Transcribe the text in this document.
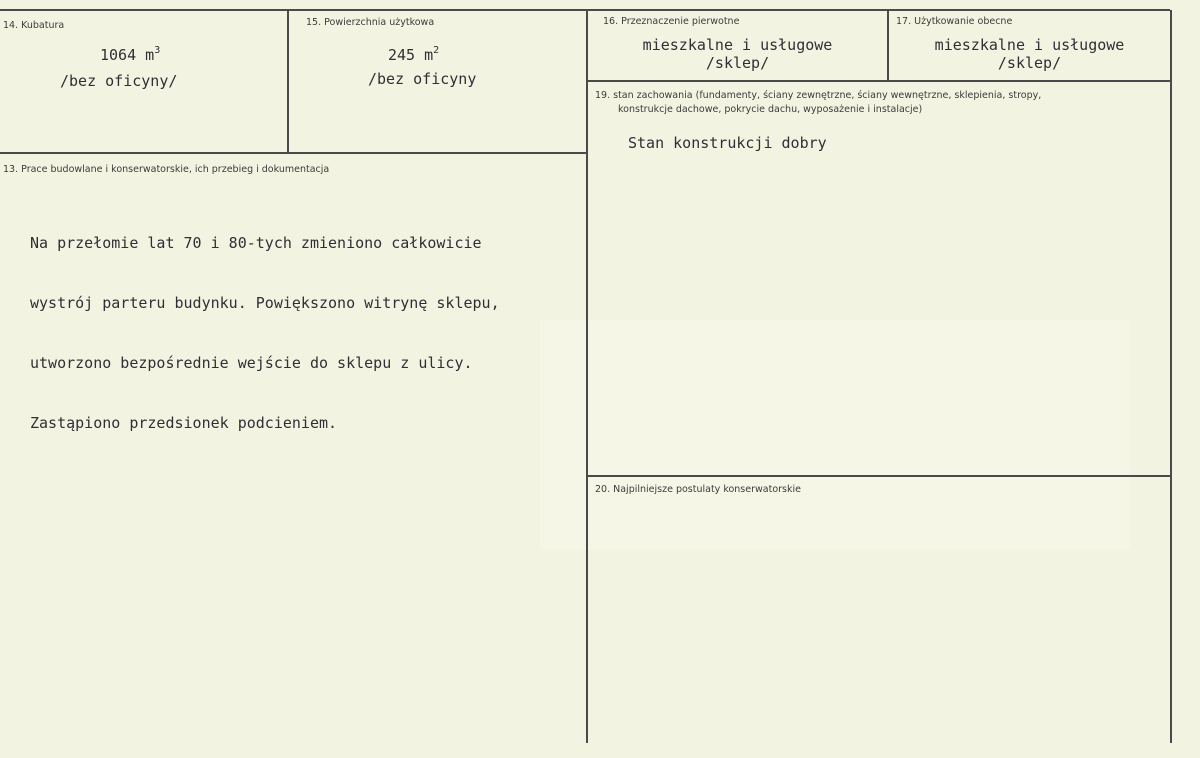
14. Kubatura
1064 $m^3$
/bez oficyny/
15. Powierzchnia użytkowa
245 $m^2$
/bez oficyny
16. Przeznaczenie pierwotne
mieszkalne i usługowe
/sklep/
17. Użytkowanie obecne
mieszkalne i usługowe
/sklep/
13. Prace budowlane i konserwatorskie, ich przebieg i dokumentacja

Na przełomie lat 70 i 80-tych zmieniono całkowicie

wystrój parteru budynku. Powiększono witrynę sklepu,

utworzono bezpośrednie wejście do sklepu z ulicy.

Zastąpiono przedsionek podcieniem.

19. stan zachowania (fundamenty, ściany zewnętrzne, ściany wewnętrzne, sklepienia, stropy,
konstrukcje dachowe, pokrycie dachu, wyposażenie i instalacje)
Stan konstrukcji dobry
20. Najpilniejsze postulaty konserwatorskie
